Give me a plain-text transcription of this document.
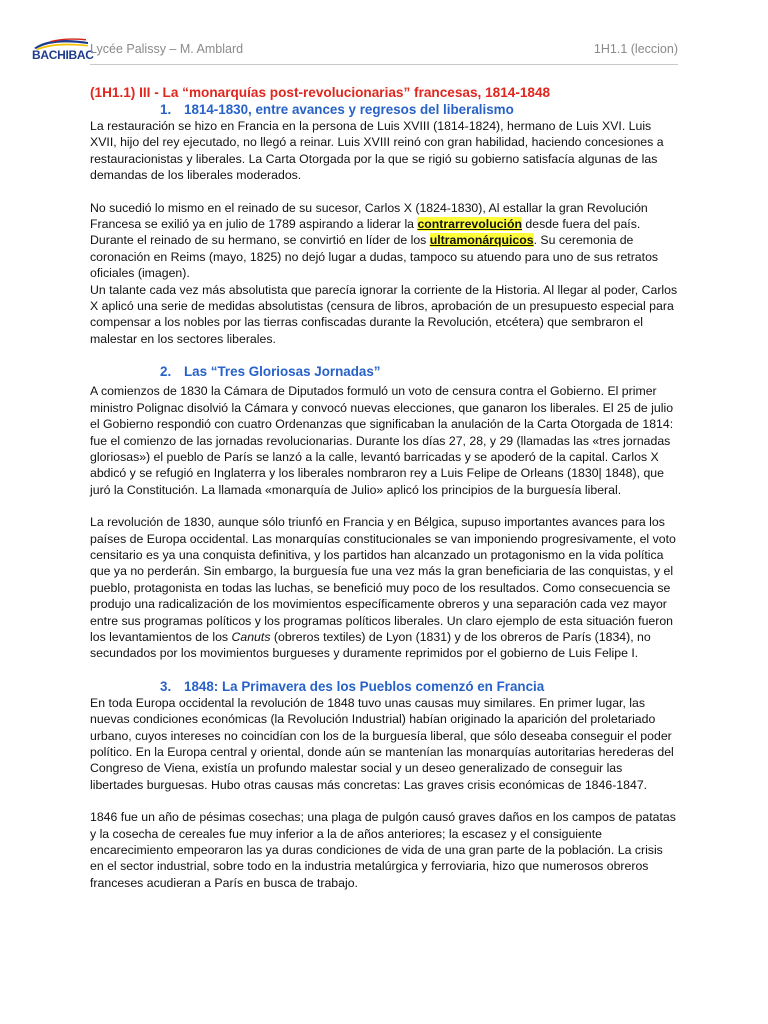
BACHIBAC
Lycée Palissy – M. Amblard	1H1.1 (leccion)
(1H1.1) III - La “monarquías post-revolucionarias” francesas, 1814-1848
1. 1814-1830, entre avances y regresos del liberalismo

La restauración se hizo en Francia en la persona de Luis XVIII (1814-1824), hermano de Luis XVI. Luis XVII, hijo del rey ejecutado, no llegó a reinar. Luis XVIII reinó con gran habilidad, haciendo concesiones a restauracionistas y liberales. La Carta Otorgada por la que se rigió su gobierno satisfacía algunas de las demandas de los liberales moderados.

No sucedió lo mismo en el reinado de su sucesor, Carlos X (1824-1830), Al estallar la gran Revolución Francesa se exilió ya en julio de 1789 aspirando a liderar la contrarrevolución desde fuera del país. Durante el reinado de su hermano, se convirtió en líder de los ultramonárquicos. Su ceremonia de coronación en Reims (mayo, 1825) no dejó lugar a dudas, tampoco su atuendo para uno de sus retratos oficiales (imagen).

Un talante cada vez más absolutista que parecía ignorar la corriente de la Historia. Al llegar al poder, Carlos X aplicó una serie de medidas absolutistas (censura de libros, aprobación de un presupuesto especial para compensar a los nobles por las tierras confiscadas durante la Revolución, etcétera) que sembraron el malestar en los sectores liberales.

2. Las “Tres Gloriosas Jornadas”

A comienzos de 1830 la Cámara de Diputados formuló un voto de censura contra el Gobierno. El primer ministro Polignac disolvió la Cámara y convocó nuevas elecciones, que ganaron los liberales. El 25 de julio el Gobierno respondió con cuatro Ordenanzas que significaban la anulación de la Carta Otorgada de 1814: fue el comienzo de las jornadas revolucionarias. Durante los días 27, 28, y 29 (llamadas las «tres jornadas gloriosas») el pueblo de París se lanzó a la calle, levantó barricadas y se apoderó de la capital. Carlos X abdicó y se refugió en Inglaterra y los liberales nombraron rey a Luis Felipe de Orleans (1830| 1848), que juró la Constitución. La llamada «monarquía de Julio» aplicó los principios de la burguesía liberal.

La revolución de 1830, aunque sólo triunfó en Francia y en Bélgica, supuso importantes avances para los países de Europa occidental. Las monarquías constitucionales se van imponiendo progresivamente, el voto censitario es ya una conquista definitiva, y los partidos han alcanzado un protagonismo en la vida política que ya no perderán. Sin embargo, la burguesía fue una vez más la gran beneficiaria de las conquistas, y el pueblo, protagonista en todas las luchas, se benefició muy poco de los resultados. Como consecuencia se produjo una radicalización de los movimientos específicamente obreros y una separación cada vez mayor entre sus programas políticos y los programas políticos liberales. Un claro ejemplo de esta situación fueron los levantamientos de los Canuts (obreros textiles) de Lyon (1831) y de los obreros de París (1834), no secundados por los movimientos burgueses y duramente reprimidos por el gobierno de Luis Felipe I.

3. 1848: La Primavera des los Pueblos comenzó en Francia

En toda Europa occidental la revolución de 1848 tuvo unas causas muy similares. En primer lugar, las nuevas condiciones económicas (la Revolución Industrial) habían originado la aparición del proletariado urbano, cuyos intereses no coincidían con los de la burguesía liberal, que sólo deseaba conseguir el poder político. En la Europa central y oriental, donde aún se mantenían las monarquías autoritarias herederas del Congreso de Viena, existía un profundo malestar social y un deseo generalizado de conseguir las libertades burguesas. Hubo otras causas más concretas: Las graves crisis económicas de 1846-1847.

1846 fue un año de pésimas cosechas; una plaga de pulgón causó graves daños en los campos de patatas y la cosecha de cereales fue muy inferior a la de años anteriores; la escasez y el consiguiente encarecimiento empeoraron las ya duras condiciones de vida de una gran parte de la población. La crisis en el sector industrial, sobre todo en la industria metalúrgica y ferroviaria, hizo que numerosos obreros franceses acudieran a París en busca de trabajo.
